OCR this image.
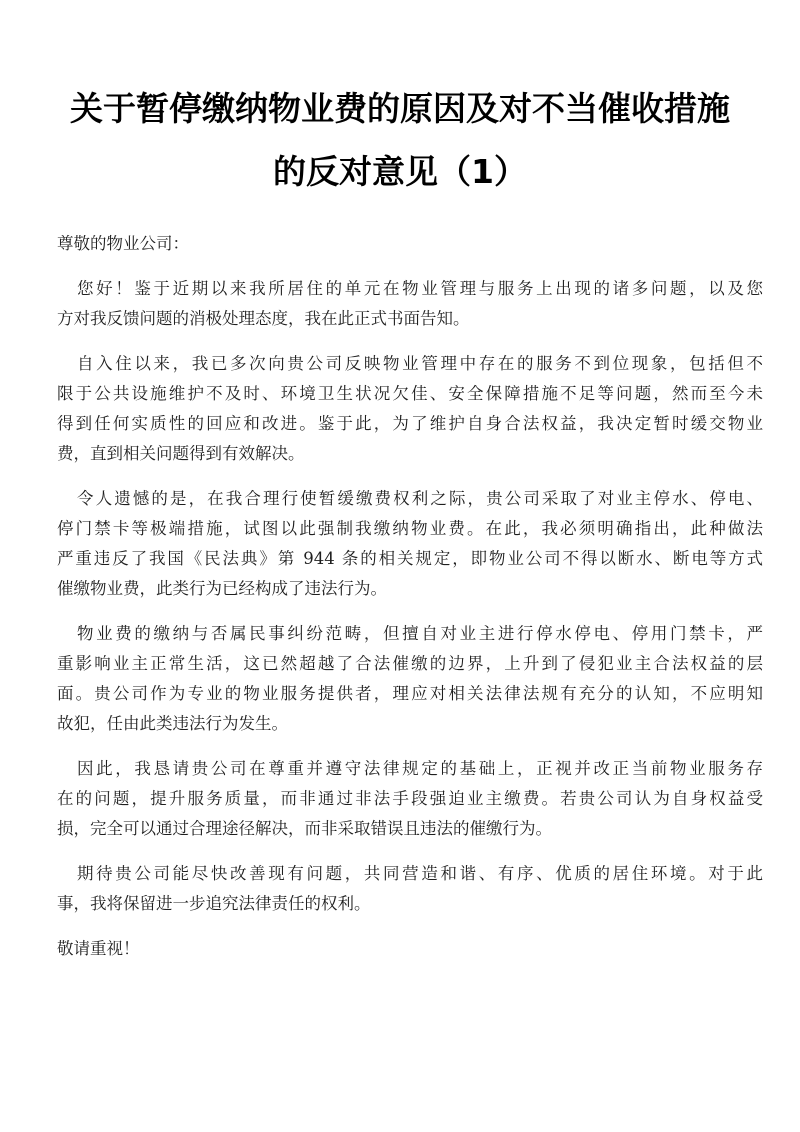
关于暂停缴纳物业费的原因及对不当催收措施
的反对意见（1）
尊敬的物业公司：
您好！鉴于近期以来我所居住的单元在物业管理与服务上出现的诸多问题，以及您
方对我反馈问题的消极处理态度，我在此正式书面告知。
自入住以来，我已多次向贵公司反映物业管理中存在的服务不到位现象，包括但不
限于公共设施维护不及时、环境卫生状况欠佳、安全保障措施不足等问题，然而至今未
得到任何实质性的回应和改进。鉴于此，为了维护自身合法权益，我决定暂时缓交物业
费，直到相关问题得到有效解决。
令人遗憾的是，在我合理行使暂缓缴费权利之际，贵公司采取了对业主停水、停电、
停门禁卡等极端措施，试图以此强制我缴纳物业费。在此，我必须明确指出，此种做法
严重违反了我国《民法典》第 944 条的相关规定，即物业公司不得以断水、断电等方式
催缴物业费，此类行为已经构成了违法行为。
物业费的缴纳与否属民事纠纷范畴，但擅自对业主进行停水停电、停用门禁卡，严
重影响业主正常生活，这已然超越了合法催缴的边界，上升到了侵犯业主合法权益的层
面。贵公司作为专业的物业服务提供者，理应对相关法律法规有充分的认知，不应明知
故犯，任由此类违法行为发生。
因此，我恳请贵公司在尊重并遵守法律规定的基础上，正视并改正当前物业服务存
在的问题，提升服务质量，而非通过非法手段强迫业主缴费。若贵公司认为自身权益受
损，完全可以通过合理途径解决，而非采取错误且违法的催缴行为。
期待贵公司能尽快改善现有问题，共同营造和谐、有序、优质的居住环境。对于此
事，我将保留进一步追究法律责任的权利。
敬请重视！
